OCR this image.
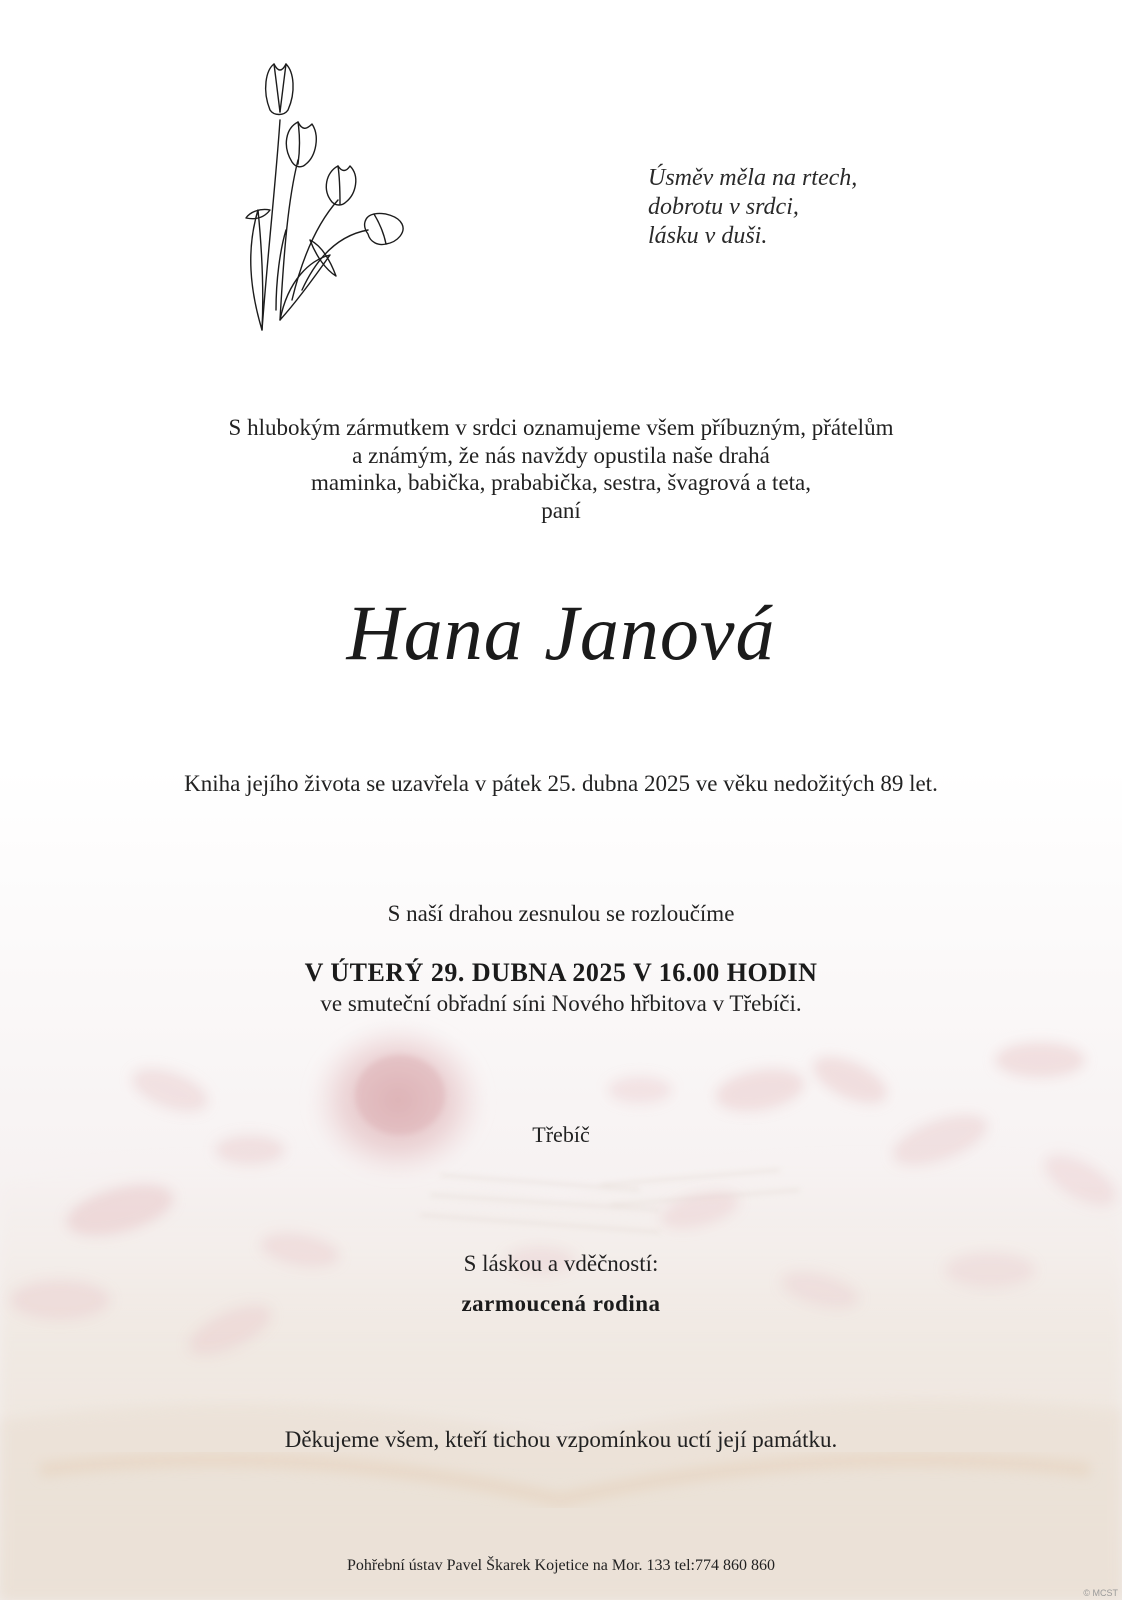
Úsměv měla na rtech,
dobrotu v srdci,
lásku v duši.
S hlubokým zármutkem v srdci oznamujeme všem příbuzným, přátelům
a známým, že nás navždy opustila naše drahá
maminka, babička, prababička, sestra, švagrová a teta,
paní
Hana Janová
Kniha jejího života se uzavřela v pátek 25. dubna 2025 ve věku nedožitých 89 let.
S naší drahou zesnulou se rozloučíme
V ÚTERÝ 29. DUBNA 2025 V 16.00 HODIN
ve smuteční obřadní síni Nového hřbitova v Třebíči.
Třebíč
S láskou a vděčností:
zarmoucená rodina
Děkujeme všem, kteří tichou vzpomínkou uctí její památku.
Pohřební ústav Pavel Škarek Kojetice na Mor. 133 tel:774 860 860
© MCST
